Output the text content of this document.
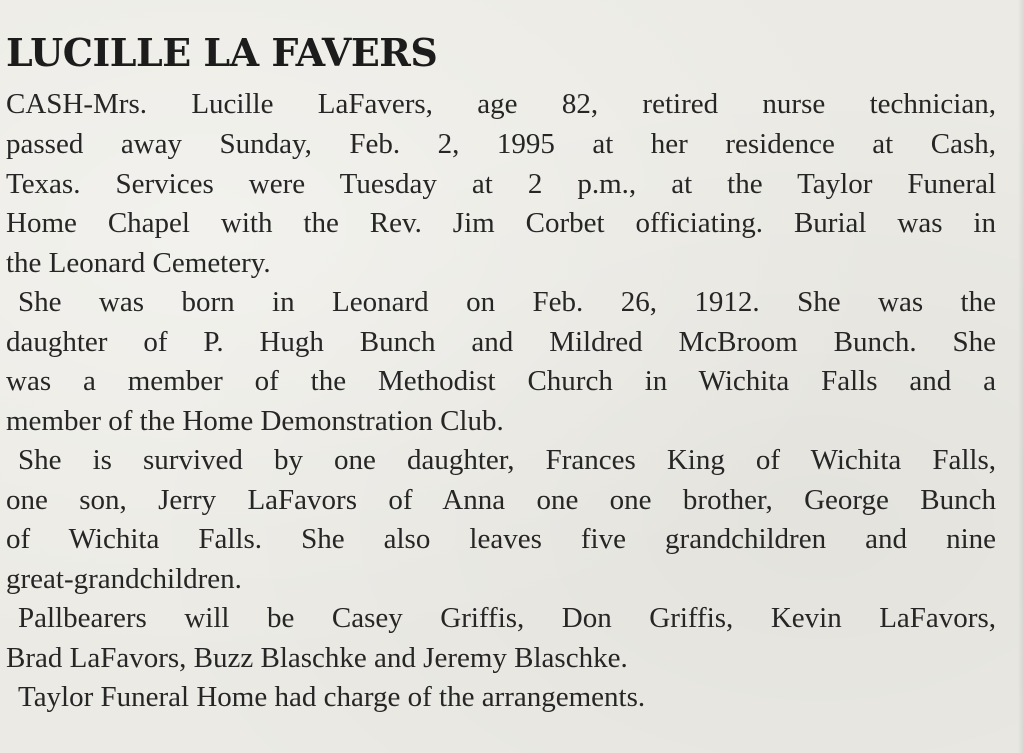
LUCILLE LA FAVERS

CASH-Mrs. Lucille LaFavers, age 82, retired nurse technician,

passed away Sunday, Feb. 2, 1995 at her residence at Cash,

Texas. Services were Tuesday at 2 p.m., at the Taylor Funeral

Home Chapel with the Rev. Jim Corbet officiating. Burial was in

the Leonard Cemetery.

She was born in Leonard on Feb. 26, 1912. She was the

daughter of P. Hugh Bunch and Mildred McBroom Bunch. She

was a member of the Methodist Church in Wichita Falls and a

member of the Home Demonstration Club.

She is survived by one daughter, Frances King of Wichita Falls,

one son, Jerry LaFavors of Anna one one brother, George Bunch

of Wichita Falls. She also leaves five grandchildren and nine

great-grandchildren.

Pallbearers will be Casey Griffis, Don Griffis, Kevin LaFavors,

Brad LaFavors, Buzz Blaschke and Jeremy Blaschke.

Taylor Funeral Home had charge of the arrangements.
